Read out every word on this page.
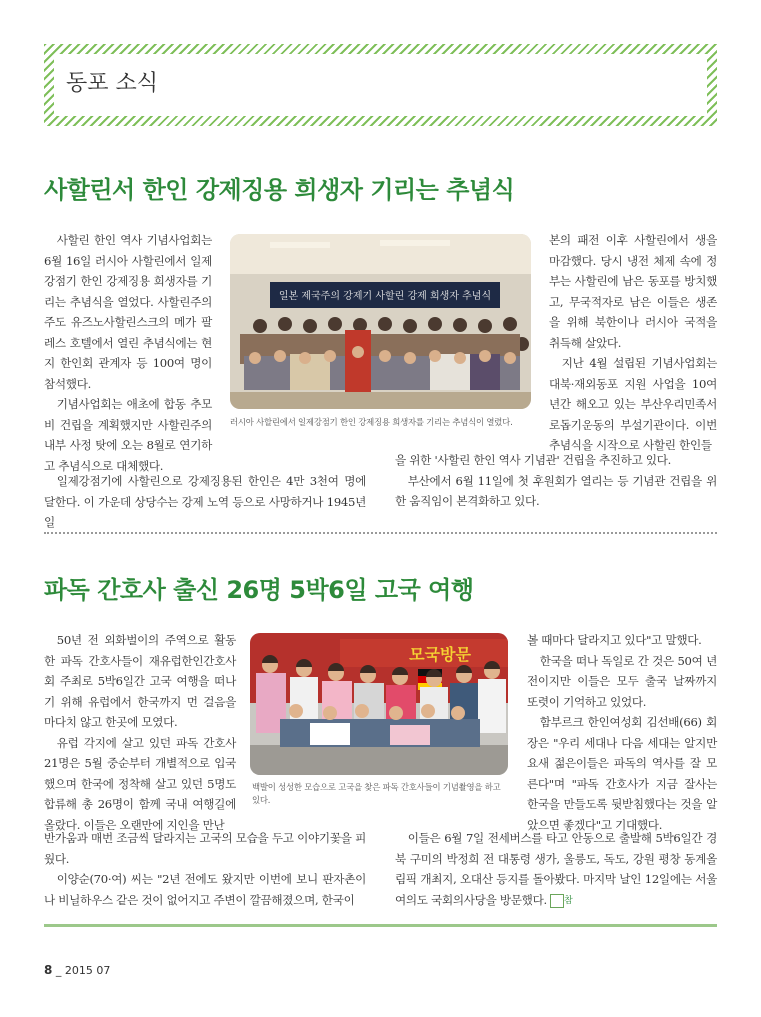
동포 소식
사할린서 한인 강제징용 희생자 기리는 추념식

사할린 한인 역사 기념사업회는 6월 16일 러시아 사할린에서 일제강점기 한인 강제징용 희생자를 기리는 추념식을 열었다. 사할린주의 주도 유즈노사할린스크의 메가 팔레스 호텔에서 열린 추념식에는 현지 한인회 관계자 등 100여 명이 참석했다.

기념사업회는 애초에 합동 추모비 건립을 계획했지만 사할린주의 내부 사정 탓에 오는 8월로 연기하고 추념식으로 대체했다.

일본 제국주의 강제기 사할린 강제 희생자 추념식
러시아 사할린에서 일제강점기 한인 강제징용 희생자를 기리는 추념식이 열렸다.

본의 패전 이후 사할린에서 생을 마감했다. 당시 냉전 체제 속에 정부는 사할린에 남은 동포를 방치했고, 무국적자로 남은 이들은 생존을 위해 북한이나 러시아 국적을 취득해 살았다.

지난 4월 설립된 기념사업회는 대북·재외동포 지원 사업을 10여 년간 해오고 있는 부산우리민족서로돕기운동의 부설기관이다. 이번 추념식을 시작으로 사할린 한인들

일제강점기에 사할린으로 강제징용된 한인은 4만 3천여 명에 달한다. 이 가운데 상당수는 강제 노역 등으로 사망하거나 1945년 일

을 위한 '사할린 한인 역사 기념관' 건립을 추진하고 있다.

부산에서 6월 11일에 첫 후원회가 열리는 등 기념관 건립을 위한 움직임이 본격화하고 있다.

파독 간호사 출신 26명 5박6일 고국 여행

50년 전 외화벌이의 주역으로 활동한 파독 간호사들이 재유럽한인간호사회 주최로 5박6일간 고국 여행을 떠나기 위해 유럽에서 한국까지 먼 걸음을 마다치 않고 한곳에 모였다.

유럽 각지에 살고 있던 파독 간호사 21명은 5월 중순부터 개별적으로 입국했으며 한국에 정착해 살고 있던 5명도 합류해 총 26명이 함께 국내 여행길에 올랐다. 이들은 오랜만에 지인을 만난

모국방문
백발이 성성한 모습으로 고국을 찾은 파독 간호사들이 기념촬영을 하고 있다.

볼 때마다 달라지고 있다"고 말했다.

한국을 떠나 독일로 간 것은 50여 년 전이지만 이들은 모두 출국 날짜까지 또렷이 기억하고 있었다.

함부르크 한인여성회 김선배(66) 회장은 "우리 세대나 다음 세대는 알지만 요새 젊은이들은 파독의 역사를 잘 모른다"며 "파독 간호사가 지금 잘사는 한국을 만들도록 뒷받침했다는 것을 알았으면 좋겠다"고 기대했다.

반가움과 매번 조금씩 달라지는 고국의 모습을 두고 이야기꽃을 피웠다.

이양순(70·여) 씨는 "2년 전에도 왔지만 이번에 보니 판자촌이나 비닐하우스 같은 것이 없어지고 주변이 깔끔해졌으며, 한국이

이들은 6월 7일 전세버스를 타고 안동으로 출발해 5박6일간 경북 구미의 박정희 전 대통령 생가, 울릉도, 독도, 강원 평창 동계올림픽 개최지, 오대산 등지를 돌아봤다. 마지막 날인 12일에는 서울 여의도 국회의사당을 방문했다. 참

8 _ 2015 07
